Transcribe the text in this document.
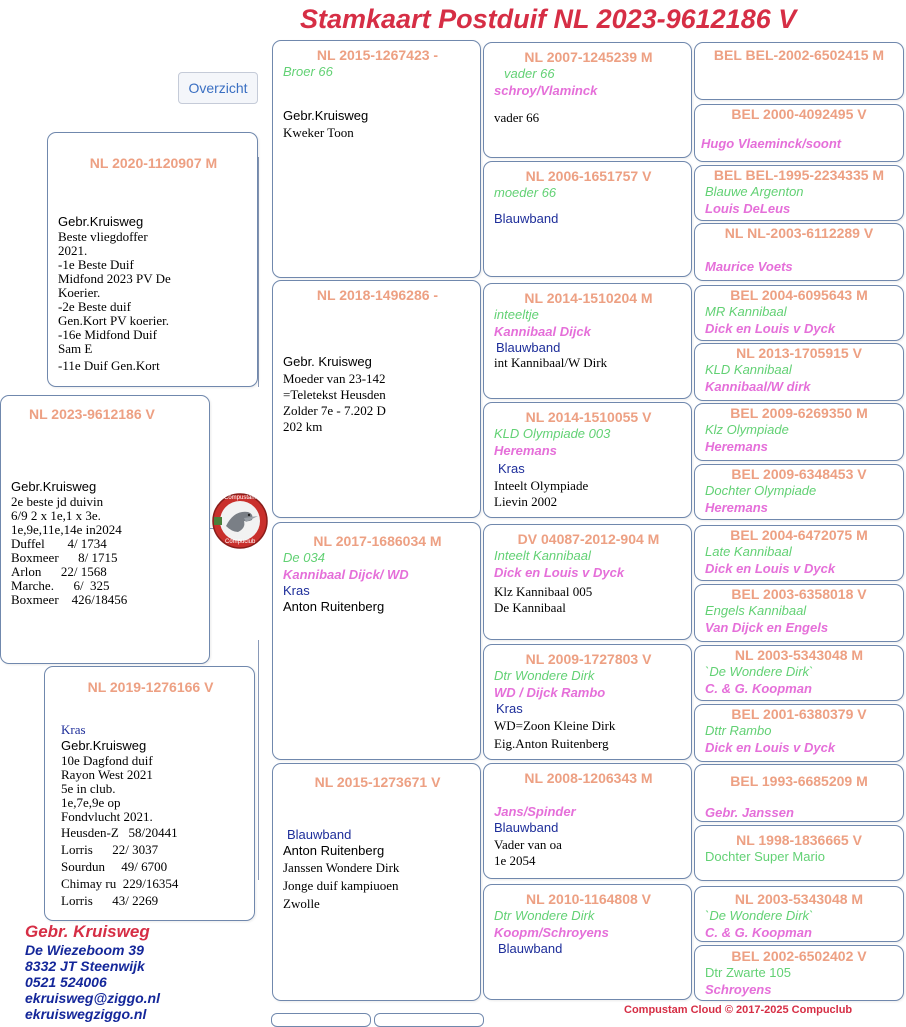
Stamkaart Postduif NL 2023-9612186 V
Overzicht
NL 2023-9612186 V
Gebr.Kruisweg
2e beste jd duivin
6/9 2 x 1e,1 x 3e.
1e,9e,11e,14e in2024
Duffel       4/ 1734
Boxmeer      8/ 1715
Arlon      22/ 1568
Marche.      6/  325
Boxmeer    426/18456
NL 2020-1120907 M
Gebr.Kruisweg
Beste vliegdoffer
2021.
-1e Beste Duif
Midfond 2023 PV De
Koerier.
-2e Beste duif
Gen.Kort PV koerier.
-16e Midfond Duif
Sam E
-11e Duif Gen.Kort
NL 2019-1276166 V
Kras
Gebr.Kruisweg
10e Dagfond duif
Rayon West 2021
5e in club.
1e,7e,9e op
Fondvlucht 2021.
Heusden-Z   58/20441
Lorris      22/ 3037
Sourdun     49/ 6700
Chimay ru  229/16354
Lorris      43/ 2269
NL 2015-1267423 -
Broer 66
Gebr.Kruisweg
Kweker Toon
NL 2018-1496286 -
Gebr. Kruisweg
Moeder van 23-142
=Teletekst Heusden
Zolder 7e - 7.202 D
202 km
NL 2017-1686034 M
De 034
Kannibaal Dijck/ WD
Kras
Anton Ruitenberg
NL 2015-1273671 V
Blauwband
Anton Ruitenberg
Janssen Wondere Dirk
Jonge duif kampiuoen
Zwolle
NL 2007-1245239 M
vader 66
schroy/Vlaminck
vader 66
NL 2006-1651757 V
moeder 66
Blauwband
NL 2014-1510204 M
inteeltje
Kannibaal Dijck
Blauwband
int Kannibaal/W Dirk
NL 2014-1510055 V
KLD Olympiade 003
Heremans
Kras
Inteelt Olympiade
Lievin 2002
DV 04087-2012-904 M
Inteelt Kannibaal
Dick en Louis v Dyck
Klz Kannibaal 005
De Kannibaal
NL 2009-1727803 V
Dtr Wondere Dirk
WD / Dijck Rambo
Kras
WD=Zoon Kleine Dirk
Eig.Anton Ruitenberg
NL 2008-1206343 M
Jans/Spinder
Blauwband
Vader van oa
1e 2054
NL 2010-1164808 V
Dtr Wondere Dirk
Koopm/Schroyens
Blauwband
BEL BEL-2002-6502415 M
BEL 2000-4092495 V
Hugo Vlaeminck/soont
BEL BEL-1995-2234335 M
Blauwe Argenton
Louis DeLeus
NL NL-2003-6112289 V
Maurice Voets
BEL 2004-6095643 M
MR Kannibaal
Dick en Louis v Dyck
NL 2013-1705915 V
KLD Kannibaal
Kannibaal/W dirk
BEL 2009-6269350 M
Klz Olympiade
Heremans
BEL 2009-6348453 V
Dochter Olympiade
Heremans
BEL 2004-6472075 M
Late Kannibaal
Dick en Louis v Dyck
BEL 2003-6358018 V
Engels Kannibaal
Van Dijck en Engels
NL 2003-5343048 M
`De Wondere Dirk`
C. & G. Koopman
BEL 2001-6380379 V
Dttr Rambo
Dick en Louis v Dyck
BEL 1993-6685209 M
Gebr. Janssen
NL 1998-1836665 V
Dochter Super Mario
NL 2003-5343048 M
`De Wondere Dirk`
C. & G. Koopman
BEL 2002-6502402 V
Dtr Zwarte 105
Schroyens
Compustam
Compuclub
Gebr. Kruisweg
De Wiezeboom 39
8332 JT Steenwijk
0521 524006
ekruisweg@ziggo.nl
ekruiswegziggo.nl	Compustam Cloud © 2017-2025 Compuclub
